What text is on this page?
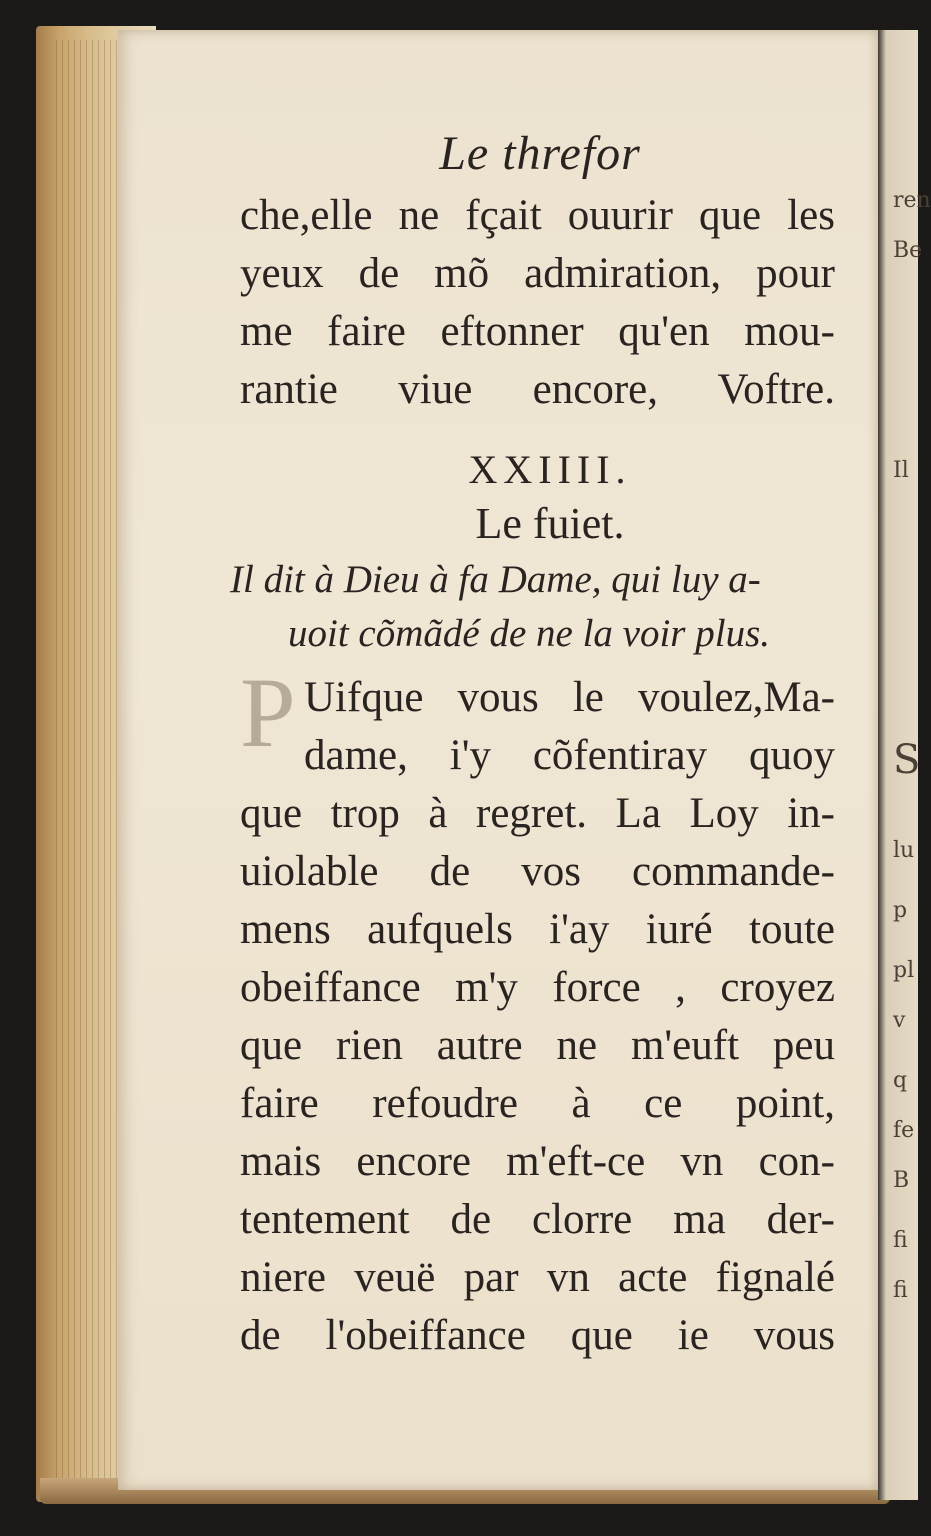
ren
Be
Il
S
lu
p
pl
v
q
fe
B
fi
fi
Le threfor
che,elle ne fçait ouurir que les
yeux de mõ admiration, pour
me faire eftonner qu'en mou-
rantie viue encore, Voftre.
XXIIII.
Le fuiet.
Il dit à Dieu à fa Dame, qui luy a-
uoit cõmãdé de ne la voir plus.
P Uifque vous le voulez,Ma-
dame, i'y cõfentiray quoy
que trop à regret. La Loy in-
uiolable de vos commande-
mens aufquels i'ay iuré toute
obeiffance m'y force , croyez
que rien autre ne m'euft peu
faire refoudre à ce point,
mais encore m'eft-ce vn con-
tentement de clorre ma der-
niere veuë par vn acte fignalé
de l'obeiffance que ie vous
